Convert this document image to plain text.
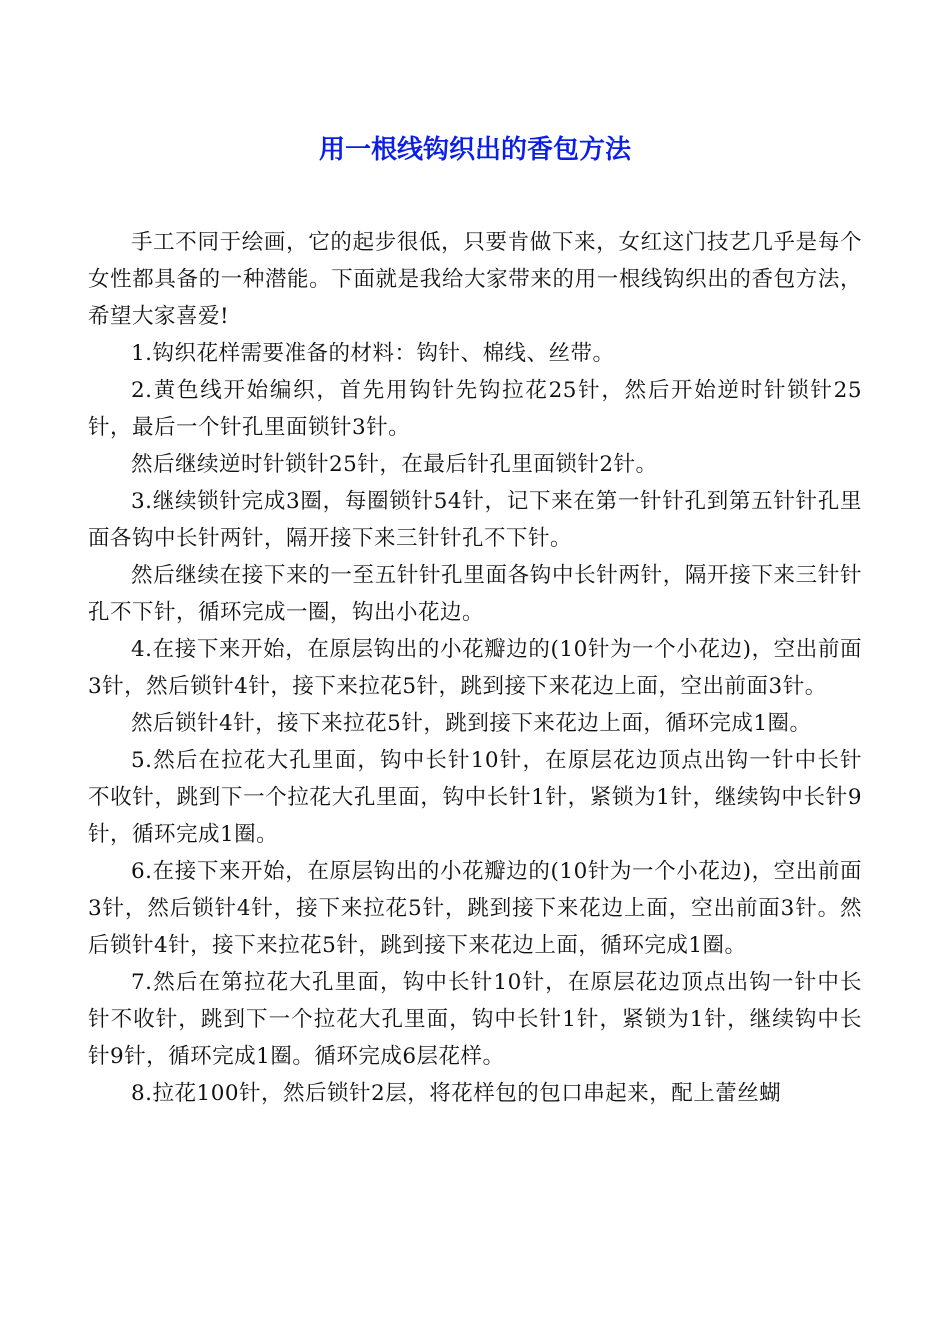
用一根线钩织出的香包方法

手工不同于绘画，它的起步很低，只要肯做下来，女红这门技艺几乎是每个女性都具备的一种潜能。下面就是我给大家带来的用一根线钩织出的香包方法，希望大家喜爱!

1.钩织花样需要准备的材料：钩针、棉线、丝带。

2.黄色线开始编织，首先用钩针先钩拉花25针，然后开始逆时针锁针25针，最后一个针孔里面锁针3针。

然后继续逆时针锁针25针，在最后针孔里面锁针2针。

3.继续锁针完成3圈，每圈锁针54针，记下来在第一针针孔到第五针针孔里面各钩中长针两针，隔开接下来三针针孔不下针。

然后继续在接下来的一至五针针孔里面各钩中长针两针，隔开接下来三针针孔不下针，循环完成一圈，钩出小花边。

4.在接下来开始，在原层钩出的小花瓣边的(10针为一个小花边)，空出前面3针，然后锁针4针，接下来拉花5针，跳到接下来花边上面，空出前面3针。

然后锁针4针，接下来拉花5针，跳到接下来花边上面，循环完成1圈。

5.然后在拉花大孔里面，钩中长针10针，在原层花边顶点出钩一针中长针不收针，跳到下一个拉花大孔里面，钩中长针1针，紧锁为1针，继续钩中长针9针，循环完成1圈。

6.在接下来开始，在原层钩出的小花瓣边的(10针为一个小花边)，空出前面3针，然后锁针4针，接下来拉花5针，跳到接下来花边上面，空出前面3针。然后锁针4针，接下来拉花5针，跳到接下来花边上面，循环完成1圈。

7.然后在第拉花大孔里面，钩中长针10针，在原层花边顶点出钩一针中长针不收针，跳到下一个拉花大孔里面，钩中长针1针，紧锁为1针，继续钩中长针9针，循环完成1圈。循环完成6层花样。

8.拉花100针，然后锁针2层，将花样包的包口串起来，配上蕾丝蝴
